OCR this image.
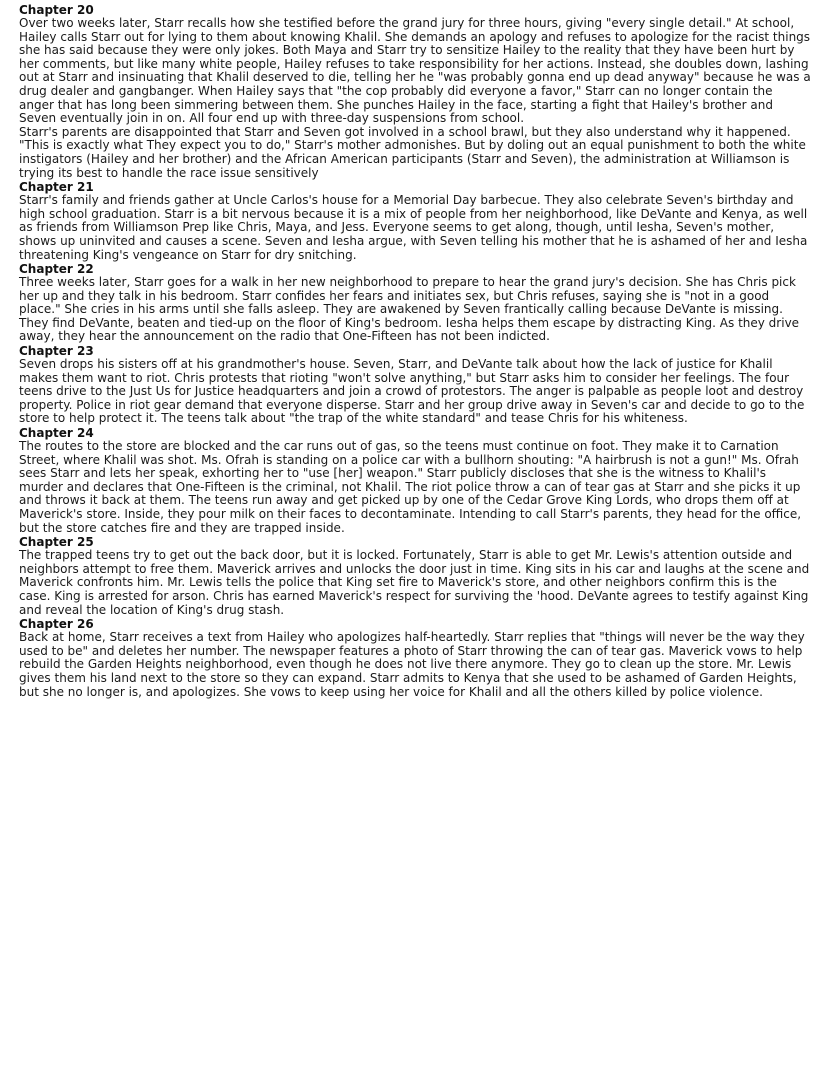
Chapter 20

Over two weeks later, Starr recalls how she testified before the grand jury for three hours, giving "every single detail." At school, Hailey calls Starr out for lying to them about knowing Khalil. She demands an apology and refuses to apologize for the racist things she has said because they were only jokes. Both Maya and Starr try to sensitize Hailey to the reality that they have been hurt by her comments, but like many white people, Hailey refuses to take responsibility for her actions. Instead, she doubles down, lashing out at Starr and insinuating that Khalil deserved to die, telling her he "was probably gonna end up dead anyway" because he was a drug dealer and gangbanger. When Hailey says that "the cop probably did everyone a favor," Starr can no longer contain the anger that has long been simmering between them. She punches Hailey in the face, starting a fight that Hailey's brother and Seven eventually join in on. All four end up with three-day suspensions from school.

Starr's parents are disappointed that Starr and Seven got involved in a school brawl, but they also understand why it happened. "This is exactly what They expect you to do," Starr's mother admonishes. But by doling out an equal punishment to both the white instigators (Hailey and her brother) and the African American participants (Starr and Seven), the administration at Williamson is trying its best to handle the race issue sensitively

Chapter 21

Starr's family and friends gather at Uncle Carlos's house for a Memorial Day barbecue. They also celebrate Seven's birthday and high school graduation. Starr is a bit nervous because it is a mix of people from her neighborhood, like DeVante and Kenya, as well as friends from Williamson Prep like Chris, Maya, and Jess. Everyone seems to get along, though, until Iesha, Seven's mother, shows up uninvited and causes a scene. Seven and Iesha argue, with Seven telling his mother that he is ashamed of her and Iesha threatening King's vengeance on Starr for dry snitching.

Chapter 22

Three weeks later, Starr goes for a walk in her new neighborhood to prepare to hear the grand jury's decision. She has Chris pick her up and they talk in his bedroom. Starr confides her fears and initiates sex, but Chris refuses, saying she is "not in a good place." She cries in his arms until she falls asleep. They are awakened by Seven frantically calling because DeVante is missing. They find DeVante, beaten and tied-up on the floor of King's bedroom. Iesha helps them escape by distracting King. As they drive away, they hear the announcement on the radio that One-Fifteen has not been indicted.

Chapter 23

Seven drops his sisters off at his grandmother's house. Seven, Starr, and DeVante talk about how the lack of justice for Khalil makes them want to riot. Chris protests that rioting "won't solve anything," but Starr asks him to consider her feelings. The four teens drive to the Just Us for Justice headquarters and join a crowd of protestors. The anger is palpable as people loot and destroy property. Police in riot gear demand that everyone disperse. Starr and her group drive away in Seven's car and decide to go to the store to help protect it. The teens talk about "the trap of the white standard" and tease Chris for his whiteness.

Chapter 24

The routes to the store are blocked and the car runs out of gas, so the teens must continue on foot. They make it to Carnation Street, where Khalil was shot. Ms. Ofrah is standing on a police car with a bullhorn shouting: "A hairbrush is not a gun!" Ms. Ofrah sees Starr and lets her speak, exhorting her to "use [her] weapon." Starr publicly discloses that she is the witness to Khalil's murder and declares that One-Fifteen is the criminal, not Khalil. The riot police throw a can of tear gas at Starr and she picks it up and throws it back at them. The teens run away and get picked up by one of the Cedar Grove King Lords, who drops them off at Maverick's store. Inside, they pour milk on their faces to decontaminate. Intending to call Starr's parents, they head for the office, but the store catches fire and they are trapped inside.

Chapter 25

The trapped teens try to get out the back door, but it is locked. Fortunately, Starr is able to get Mr. Lewis's attention outside and neighbors attempt to free them. Maverick arrives and unlocks the door just in time. King sits in his car and laughs at the scene and Maverick confronts him. Mr. Lewis tells the police that King set fire to Maverick's store, and other neighbors confirm this is the case. King is arrested for arson. Chris has earned Maverick's respect for surviving the 'hood. DeVante agrees to testify against King and reveal the location of King's drug stash.

Chapter 26

Back at home, Starr receives a text from Hailey who apologizes half-heartedly. Starr replies that "things will never be the way they used to be" and deletes her number. The newspaper features a photo of Starr throwing the can of tear gas. Maverick vows to help rebuild the Garden Heights neighborhood, even though he does not live there anymore. They go to clean up the store. Mr. Lewis gives them his land next to the store so they can expand. Starr admits to Kenya that she used to be ashamed of Garden Heights, but she no longer is, and apologizes. She vows to keep using her voice for Khalil and all the others killed by police violence.
